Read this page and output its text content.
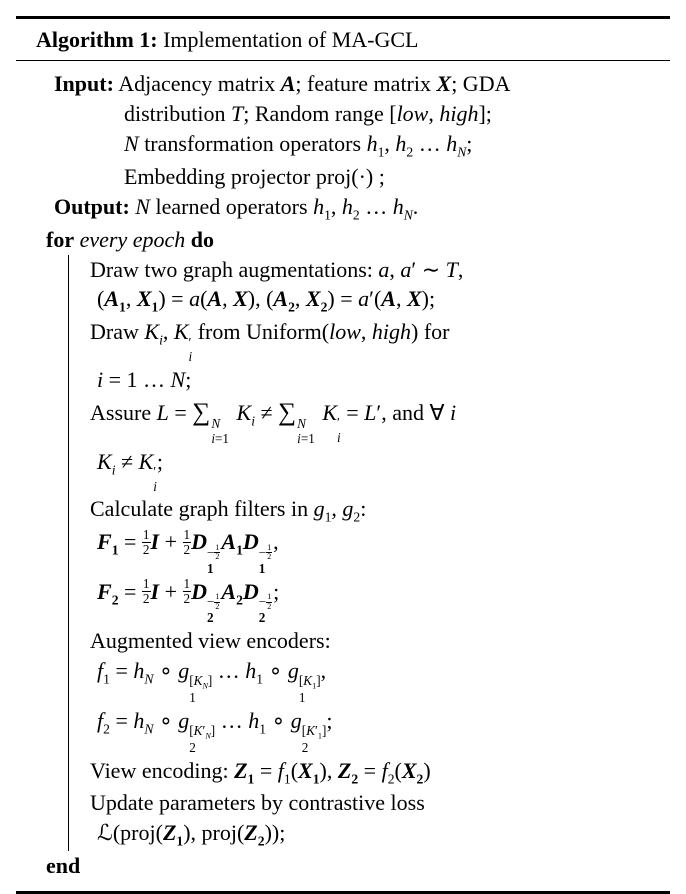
Algorithm 1: Implementation of MA-GCL
Input: Adjacency matrix A; feature matrix X; GDA
distribution T; Random range [low, high];
N transformation operators $h_1$, $h_2$ … $h_N$;
Embedding projector proj(·) ;
Output: N learned operators $h_1$, $h_2$ … $h_N$.
for every epoch do
Draw two graph augmentations: a, a′ ∼ T,
($A_1$, $X_1) = a(A$, X), ($A_2$, $X_2) = a'(A$, X);
Draw $K_i$, K ′
i
from Uniform(low, high) for
i = 1 … N;
Assure L = ∑ N
i=1
$K_i$ ≠ ∑ N
i=1
K ′
i
= L′, and ∀ i
$K_i \ne K$ ′
i
;
Calculate graph filters in $g_1$, $g_2$:
$F_1 = \frac{1}{2}$ $I + \frac{1}{2}$ $D - \frac{1}{2}$
1
$A_1D - \frac{1}{2}$
1
,
$F_2 = \frac{1}{2}$ $I + \frac{1}{2}$ $D - \frac{1}{2}$
2
$A_2D - \frac{1}{2}$
2
;
Augmented view encoders:
$f_1 = h_N$ ∘ g $[K_N]$
1
… $h_1$ ∘ g $[K_1]$
1
,
$f_2 = h_N$ ∘ g $[K'_N]$
2
… $h_1$ ∘ g $[K'_1]$
2
;
View encoding: $Z_1 = f_1(X_1)$, $Z_2 = f_2(X_2)$
Update parameters by contrastive loss
$ℒ(proj(Z_1)$, $proj(Z_2)$);
end
